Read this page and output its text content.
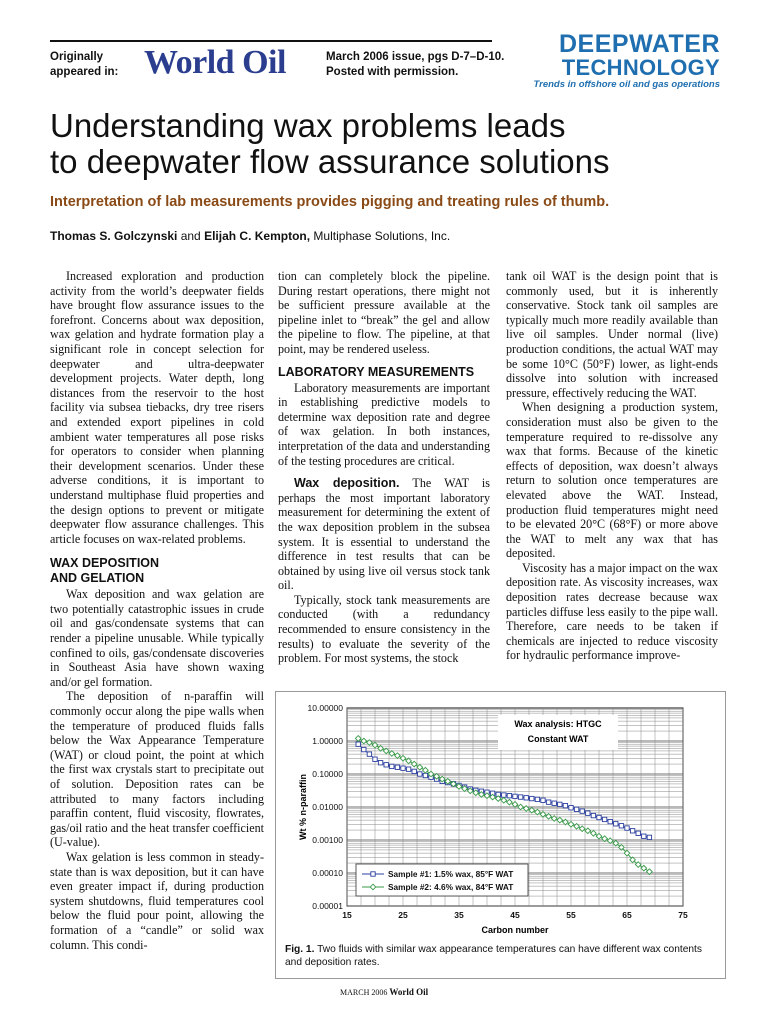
Originally
appeared in: World Oil	March 2006 issue, pgs D-7–D-10.
Posted with permission.
DEEPWATER
TECHNOLOGY
Trends in offshore oil and gas operations
Understanding wax problems leads
to deepwater flow assurance solutions
Interpretation of lab measurements provides pigging and treating rules of thumb.
Thomas S. Golczynski and Elijah C. Kempton, Multiphase Solutions, Inc.

Increased exploration and production activity from the world’s deepwater fields have brought flow assurance issues to the forefront. Concerns about wax deposition, wax gelation and hydrate formation play a significant role in concept selection for deepwater and ultra-deepwater development projects. Water depth, long distances from the reservoir to the host facility via subsea tiebacks, dry tree risers and extended export pipelines in cold ambient water temperatures all pose risks for operators to consider when planning their development scenarios. Under these adverse conditions, it is important to understand multiphase fluid properties and the design options to prevent or mitigate deepwater flow assurance challenges. This article focuses on wax-related problems.

WAX DEPOSITION
AND GELATION

Wax deposition and wax gelation are two potentially catastrophic issues in crude oil and gas/condensate systems that can render a pipeline unusable. While typically confined to oils, gas/condensate discoveries in Southeast Asia have shown waxing and/or gel formation.

The deposition of n-paraffin will commonly occur along the pipe walls when the temperature of produced fluids falls below the Wax Appearance Temperature (WAT) or cloud point, the point at which the first wax crystals start to precipitate out of solution. Deposition rates can be attributed to many factors including paraffin content, fluid viscosity, flowrates, gas/oil ratio and the heat transfer coefficient (U-value).

Wax gelation is less common in steady-state than is wax deposition, but it can have even greater impact if, during production system shutdowns, fluid temperatures cool below the fluid pour point, allowing the formation of a “candle” or solid wax column. This condi-

tion can completely block the pipeline. During restart operations, there might not be sufficient pressure available at the pipeline inlet to “break” the gel and allow the pipeline to flow. The pipeline, at that point, may be rendered useless.

LABORATORY MEASUREMENTS

Laboratory measurements are important in establishing predictive models to determine wax deposition rate and degree of wax gelation. In both instances, interpretation of the data and understanding of the testing procedures are critical.

Wax deposition. The WAT is perhaps the most important laboratory measurement for determining the extent of the wax deposition problem in the subsea system. It is essential to understand the difference in test results that can be obtained by using live oil versus stock tank oil.

Typically, stock tank measurements are conducted (with a redundancy recommended to ensure consistency in the results) to evaluate the severity of the problem. For most systems, the stock

tank oil WAT is the design point that is commonly used, but it is inherently conservative. Stock tank oil samples are typically much more readily available than live oil samples. Under normal (live) production conditions, the actual WAT may be some 10°C (50°F) lower, as light-ends dissolve into solution with increased pressure, effectively reducing the WAT.

When designing a production system, consideration must also be given to the temperature required to re-dissolve any wax that forms. Because of the kinetic effects of deposition, wax doesn’t always return to solution once temperatures are elevated above the WAT. Instead, production fluid temperatures might need to be elevated 20°C (68°F) or more above the WAT to melt any wax that has deposited.

Viscosity has a major impact on the wax deposition rate. As viscosity increases, wax deposition rates decrease because wax particles diffuse less easily to the pipe wall. Therefore, care needs to be taken if chemicals are injected to reduce viscosity for hydraulic performance improve-

10.00000
1.00000
0.10000
0.01000
0.00100
0.00010
0.00001
15	25	35	45	55	65	75
Wt % n-paraffin
Carbon number
Wax analysis: HTGC
Constant WAT
Sample #1: 1.5% wax, 85°F WAT
Sample #2: 4.6% wax, 84°F WAT
Fig. 1. Two fluids with similar wax appearance temperatures can have different wax contents and deposition rates.
MARCH 2006 World Oil
